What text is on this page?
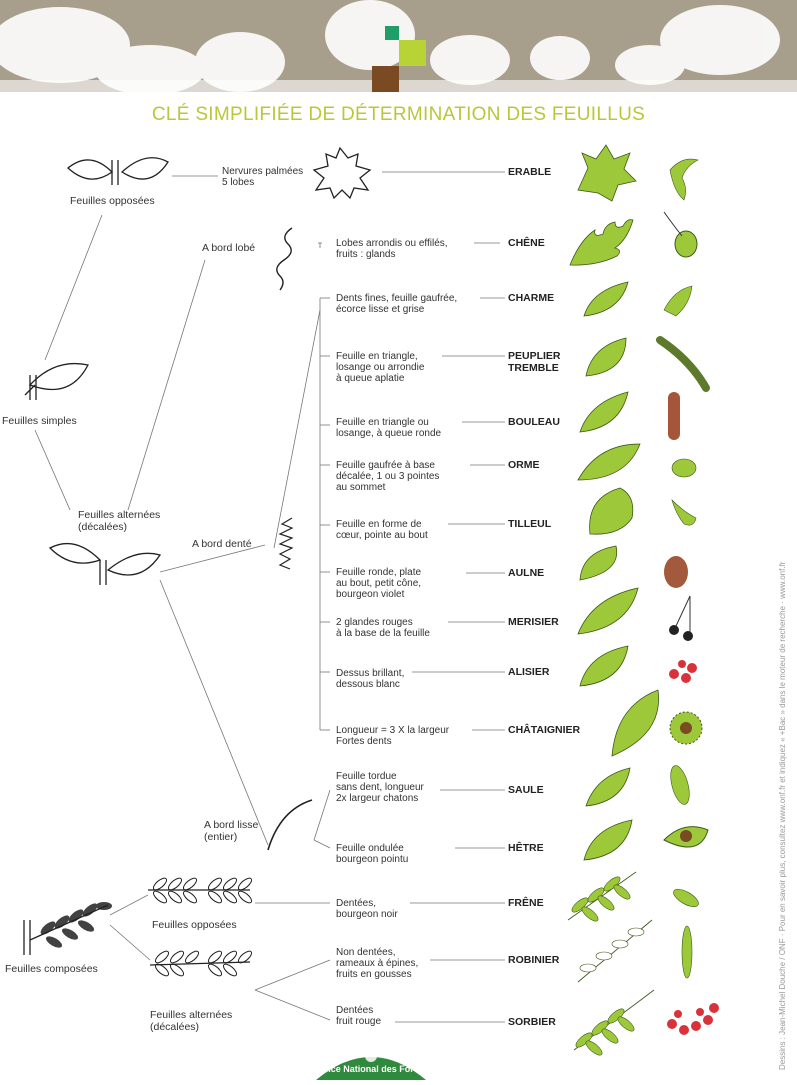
CLÉ SIMPLIFIÉE DE DÉTERMINATION DES FEUILLUS
Feuilles opposées
Feuilles simples
Feuilles alternées
(décalées)
A bord lobé
A bord denté
A bord lisse
(entier)
Feuilles composées
Feuilles opposées
Feuilles alternées
(décalées)
Nervures palmées
5 lobes
Lobes arrondis ou effilés,
fruits : glands
Dents fines, feuille gaufrée,
écorce lisse et grise
Feuille en triangle,
losange ou arrondie
à queue aplatie
Feuille en triangle ou
losange, à queue ronde
Feuille gaufrée à base
décalée, 1 ou 3 pointes
au sommet
Feuille en forme de
cœur, pointe au bout
Feuille ronde, plate
au bout, petit cône,
bourgeon violet
2 glandes rouges
à la base de la feuille
Dessus brillant,
dessous blanc
Longueur = 3 X la largeur
Fortes dents
Feuille tordue
sans dent, longueur
2x largeur chatons
Feuille ondulée
bourgeon pointu
Dentées,
bourgeon noir
Non dentées,
rameaux à épines,
fruits en gousses
Dentées
fruit rouge
ERABLE
CHÊNE
CHARME
PEUPLIER
TREMBLE
BOULEAU
ORME
TILLEUL
AULNE
MERISIER
ALISIER
CHÂTAIGNIER
SAULE
HÊTRE
FRÊNE
ROBINIER
SORBIER	Dessins : Jean-Michel Douche / ONF · Pour en savoir plus, consultez www.onf.fr et indiquez « +Bac » dans le moteur de recherche · www.onf.fr
Office National des Forêts
